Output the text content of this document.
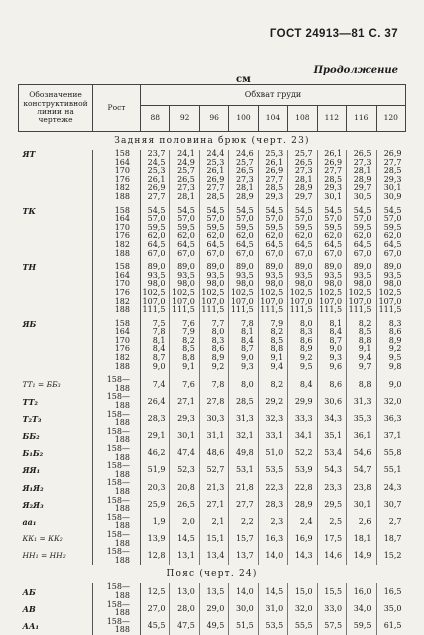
ГОСТ 24913—81 С. 37
Продолжение
см
Обозначение конструктивной линии на чертеже	Рост	Обхват груди								
		88	92	96	100	104	108	112	116	120
Задняя половина брюк (черт. 23)										
ЯТ	158	23,7	24,1	24,4	24,6	25,3	25,7	26,1	26,5	26,9
	164	24,5	24,9	25,3	25,7	26,1	26,5	26,9	27,3	27,7
	170	25,3	25,7	26,1	26,5	26,9	27,3	27,7	28,1	28,5
	176	26,1	26,5	26,9	27,3	27,7	28,1	28,5	28,9	29,3
	182	26,9	27,3	27,7	28,1	28,5	28,9	29,3	29,7	30,1
	188	27,7	28,1	28,5	28,9	29,3	29,7	30,1	30,5	30,9

ТК	158	54,5	54,5	54,5	54,5	54,5	54,5	54,5	54,5	54,5
	164	57,0	57,0	57,0	57,0	57,0	57,0	57,0	57,0	57,0
	170	59,5	59,5	59,5	59,5	59,5	59,5	59,5	59,5	59,5
	176	62,0	62,0	62,0	62,0	62,0	62,0	62,0	62,0	62,0
	182	64,5	64,5	64,5	64,5	64,5	64,5	64,5	64,5	64,5
	188	67,0	67,0	67,0	67,0	67,0	67,0	67,0	67,0	67,0

ТН	158	89,0	89,0	89,0	89,0	89,0	89,0	89,0	89,0	89,0
	164	93,5	93,5	93,5	93,5	93,5	93,5	93,5	93,5	93,5
	170	98,0	98,0	98,0	98,0	98,0	98,0	98,0	98,0	98,0
	176	102,5	102,5	102,5	102,5	102,5	102,5	102,5	102,5	102,5
	182	107,0	107,0	107,0	107,0	107,0	107,0	107,0	107,0	107,0
	188	111,5	111,5	111,5	111,5	111,5	111,5	111,5	111,5	111,5

ЯБ	158	7,5	7,6	7,7	7,8	7,9	8,0	8,1	8,2	8,3
	164	7,8	7,9	8,0	8,1	8,2	8,3	8,4	8,5	8,6
	170	8,1	8,2	8,3	8,4	8,5	8,6	8,7	8,8	8,9
	176	8,4	8,5	8,6	8,7	8,8	8,9	9,0	9,1	9,2
	182	8,7	8,8	8,9	9,0	9,1	9,2	9,3	9,4	9,5
	188	9,0	9,1	9,2	9,3	9,4	9,5	9,6	9,7	9,8

ТТ₁ = ББ₃	158—188	7,4	7,6	7,8	8,0	8,2	8,4	8,6	8,8	9,0
ТТ₂	158—188	26,4	27,1	27,8	28,5	29,2	29,9	30,6	31,3	32,0
Т₂Т₃	158—188	28,3	29,3	30,3	31,3	32,3	33,3	34,3	35,3	36,3
ББ₂	158—188	29,1	30,1	31,1	32,1	33,1	34,1	35,1	36,1	37,1
Б₁Б₂	158—188	46,2	47,4	48,6	49,8	51,0	52,2	53,4	54,6	55,8
ЯЯ₁	158—188	51,9	52,3	52,7	53,1	53,5	53,9	54,3	54,7	55,1
Я₁Я₂	158—188	20,3	20,8	21,3	21,8	22,3	22,8	23,3	23,8	24,3
Я₂Я₃	158—188	25,9	26,5	27,1	27,7	28,3	28,9	29,5	30,1	30,7
аа₁	158—188	1,9	2,0	2,1	2,2	2,3	2,4	2,5	2,6	2,7
КК₁ = КК₂	158—188	13,9	14,5	15,1	15,7	16,3	16,9	17,5	18,1	18,7
НН₁ = НН₂	158—188	12,8	13,1	13,4	13,7	14,0	14,3	14,6	14,9	15,2
Пояс (черт. 24)										
АБ	158—188	12,5	13,0	13,5	14,0	14,5	15,0	15,5	16,0	16,5
АВ	158—188	27,0	28,0	29,0	30,0	31,0	32,0	33,0	34,0	35,0
АА₁	158—188	45,5	47,5	49,5	51,5	53,5	55,5	57,5	59,5	61,5
